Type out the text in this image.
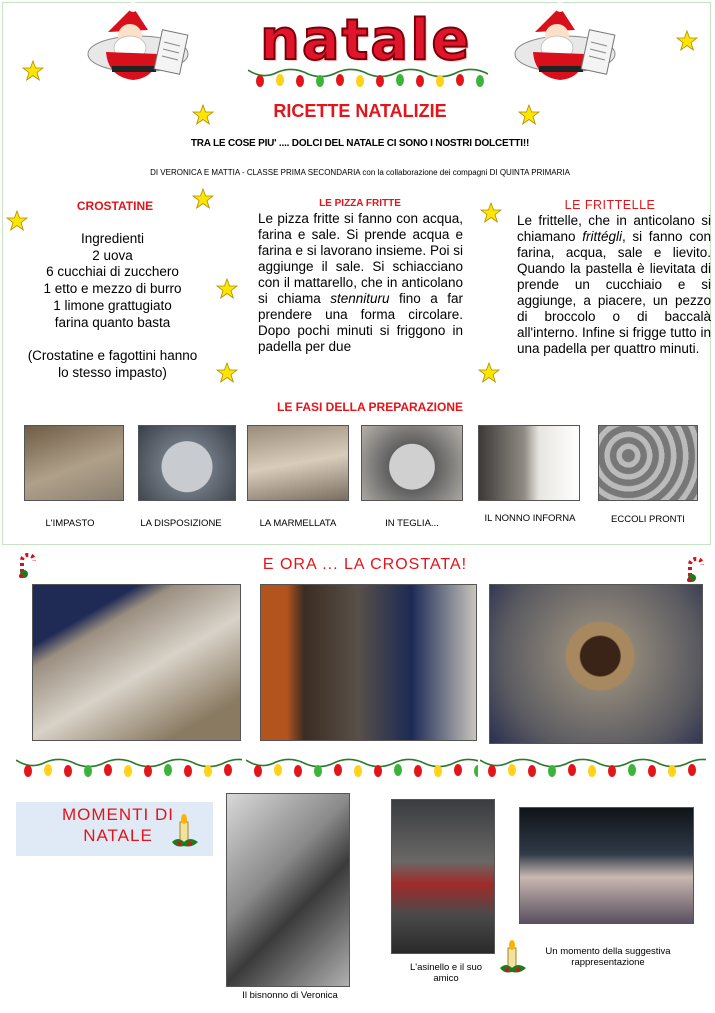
natale
RICETTE NATALIZIE
TRA LE COSE PIU' .... DOLCI DEL NATALE CI SONO I NOSTRI DOLCETTI!!
DI VERONICA E MATTIA - CLASSE PRIMA SECONDARIA con la collaborazione dei compagni DI QUINTA PRIMARIA
CROSTATINE
Ingredienti
2 uova
6 cucchiai di zucchero
1 etto e mezzo di burro
1 limone grattugiato
farina quanto basta
(Crostatine e fagottini hanno
lo stesso impasto)
LE PIZZA FRITTE
Le pizza fritte si fanno con acqua, farina e sale. Si prende acqua e farina e si lavorano insieme. Poi si aggiunge il sale. Si schiacciano con il mattarello, che in anticolano si chiama stennituru fino a far prendere una forma circolare. Dopo pochi minuti si friggono in padella per due
LE FRITTELLE
Le frittelle, che in anticolano si chiamano frittégli, si fanno con farina, acqua, sale e lievito. Quando la pastella è lievitata di prende un cucchiaio e si aggiunge, a piacere, un pezzo di broccolo o di baccalà all'interno. Infine si frigge tutto in una padella per quattro minuti.
LE FASI DELLA PREPARAZIONE
L'IMPASTO	LA DISPOSIZIONE	LA MARMELLATA	IN TEGLIA...	IL NONNO INFORNA	ECCOLI PRONTI
E ORA ... LA CROSTATA!
MOMENTI DI
NATALE
Il bisnonno di Veronica
L'asinello e il suo
amico
Un momento della suggestiva
rappresentazione
